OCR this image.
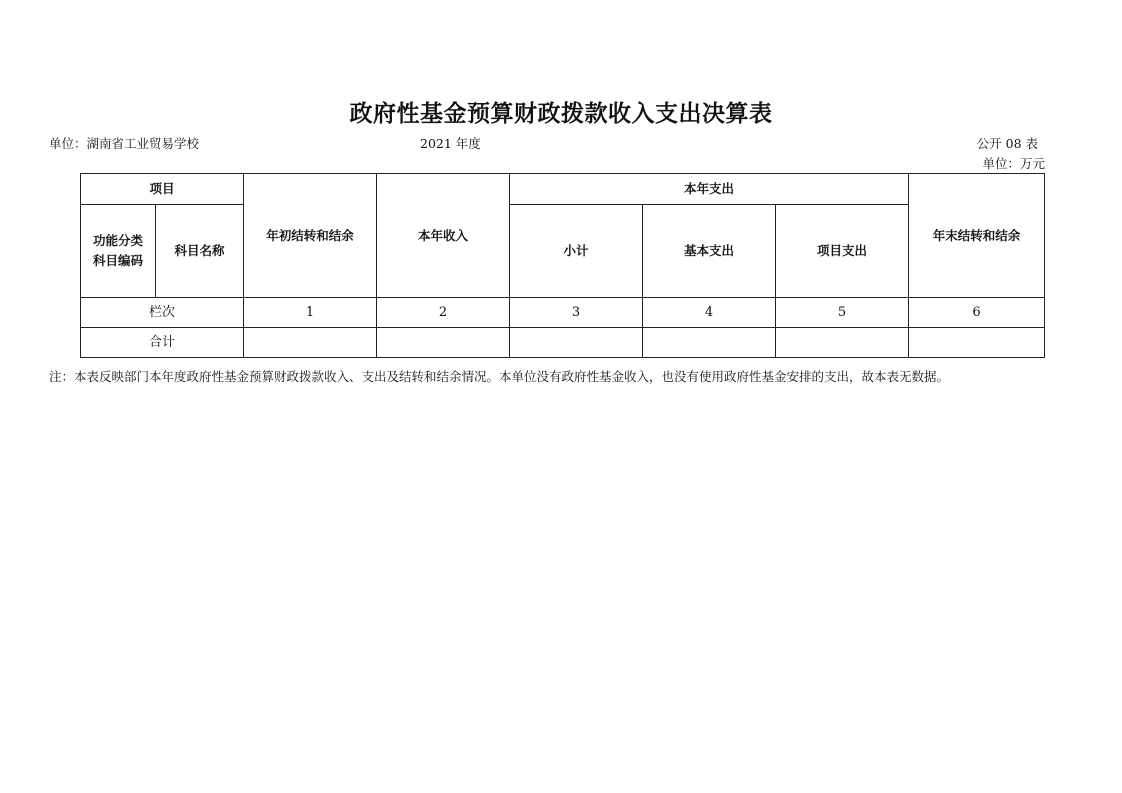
政府性基金预算财政拨款收入支出决算表
单位：湖南省工业贸易学校	2021 年度	公开 08 表
单位：万元
项目		年初结转和结余	本年收入	本年支出			年末结转和结余
功能分类科目编码	科目名称			小计	基本支出	项目支出	
栏次		1	2	3	4	5	6
合计							
注：本表反映部门本年度政府性基金预算财政拨款收入、支出及结转和结余情况。本单位没有政府性基金收入，也没有使用政府性基金安排的支出，故本表无数据。
